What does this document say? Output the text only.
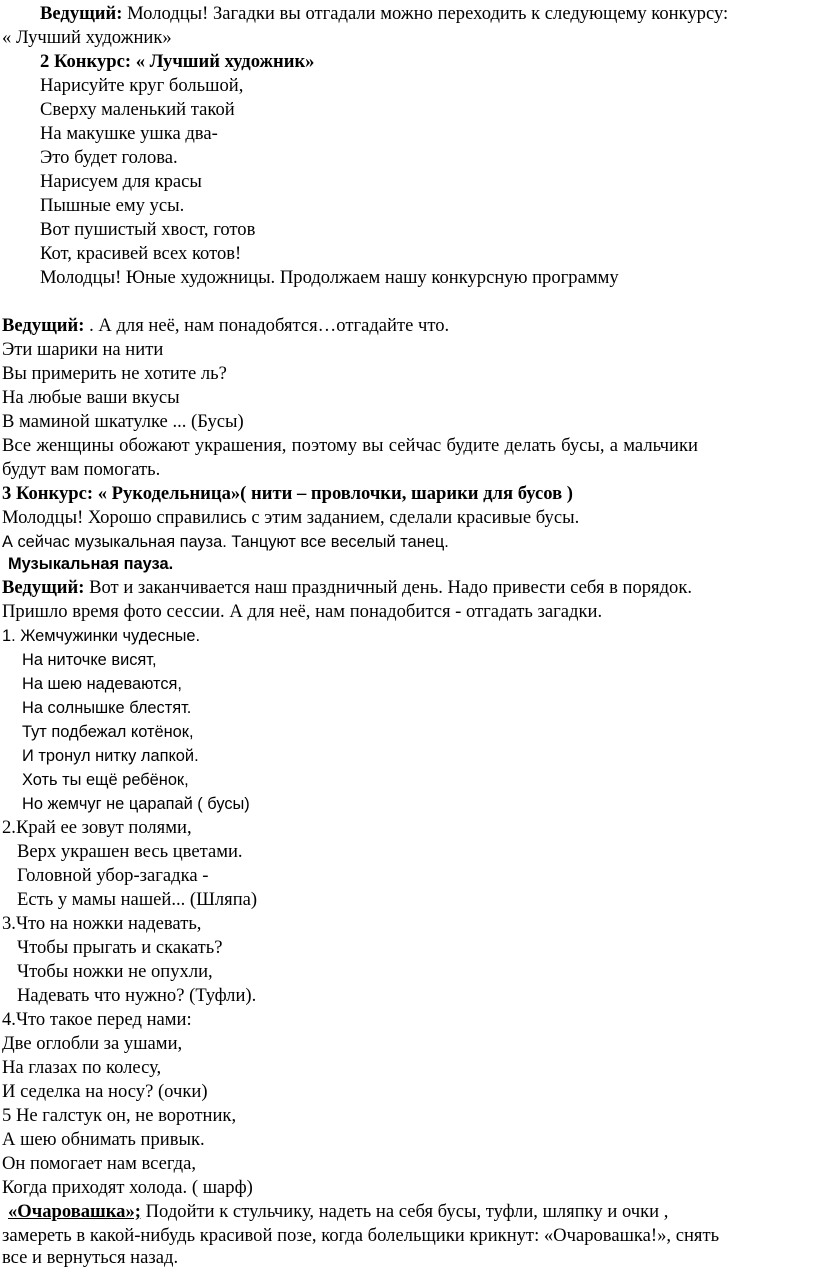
Ведущий: Молодцы! Загадки вы отгадали можно переходить к следующему конкурсу:
« Лучший художник»
2 Конкурс: « Лучший художник»
Нарисуйте круг большой,
Сверху маленький такой
На макушке ушка два-
Это будет голова.
Нарисуем для красы
Пышные ему усы.
Вот пушистый хвост, готов
Кот, красивей всех котов!
Молодцы! Юные художницы. Продолжаем нашу конкурсную программу
Ведущий: . А для неё, нам понадобятся…отгадайте что.
Эти шарики на нити
Вы примерить не хотите ль?
На любые ваши вкусы
В маминой шкатулке ... (Бусы)
Все женщины обожают украшения, поэтому вы сейчас будите делать бусы, а мальчики
будут вам помогать.
3 Конкурс: « Рукодельница»( нити – провлочки, шарики для бусов )
Молодцы! Хорошо справились с этим заданием, сделали красивые бусы.
А сейчас музыкальная пауза. Танцуют все веселый танец.
Музыкальная пауза.
Ведущий: Вот и заканчивается наш праздничный день. Надо привести себя в порядок.
Пришло время фото сессии. А для неё, нам понадобится - отгадать загадки.
1. Жемчужинки чудесные.
На ниточке висят,
На шею надеваются,
На солнышке блестят.
Тут подбежал котёнок,
И тронул нитку лапкой.
Хоть ты ещё ребёнок,
Но жемчуг не царапай ( бусы)
2.Край ее зовут полями,
Верх украшен весь цветами.
Головной убор-загадка -
Есть у мамы нашей... (Шляпа)
3.Что на ножки надевать,
Чтобы прыгать и скакать?
Чтобы ножки не опухли,
Надевать что нужно? (Туфли).
4.Что такое перед нами:
Две оглобли за ушами,
На глазах по колесу,
И седелка на носу? (очки)
5 Не галстук он, не воротник,
А шею обнимать привык.
Он помогает нам всегда,
Когда приходят холода. ( шарф)
«Очаровашка»; Подойти к стульчику, надеть на себя бусы, туфли, шляпку и очки ,
замереть в какой-нибудь красивой позе, когда болельщики крикнут: «Очаровашка!», снять
все и вернуться назад.
